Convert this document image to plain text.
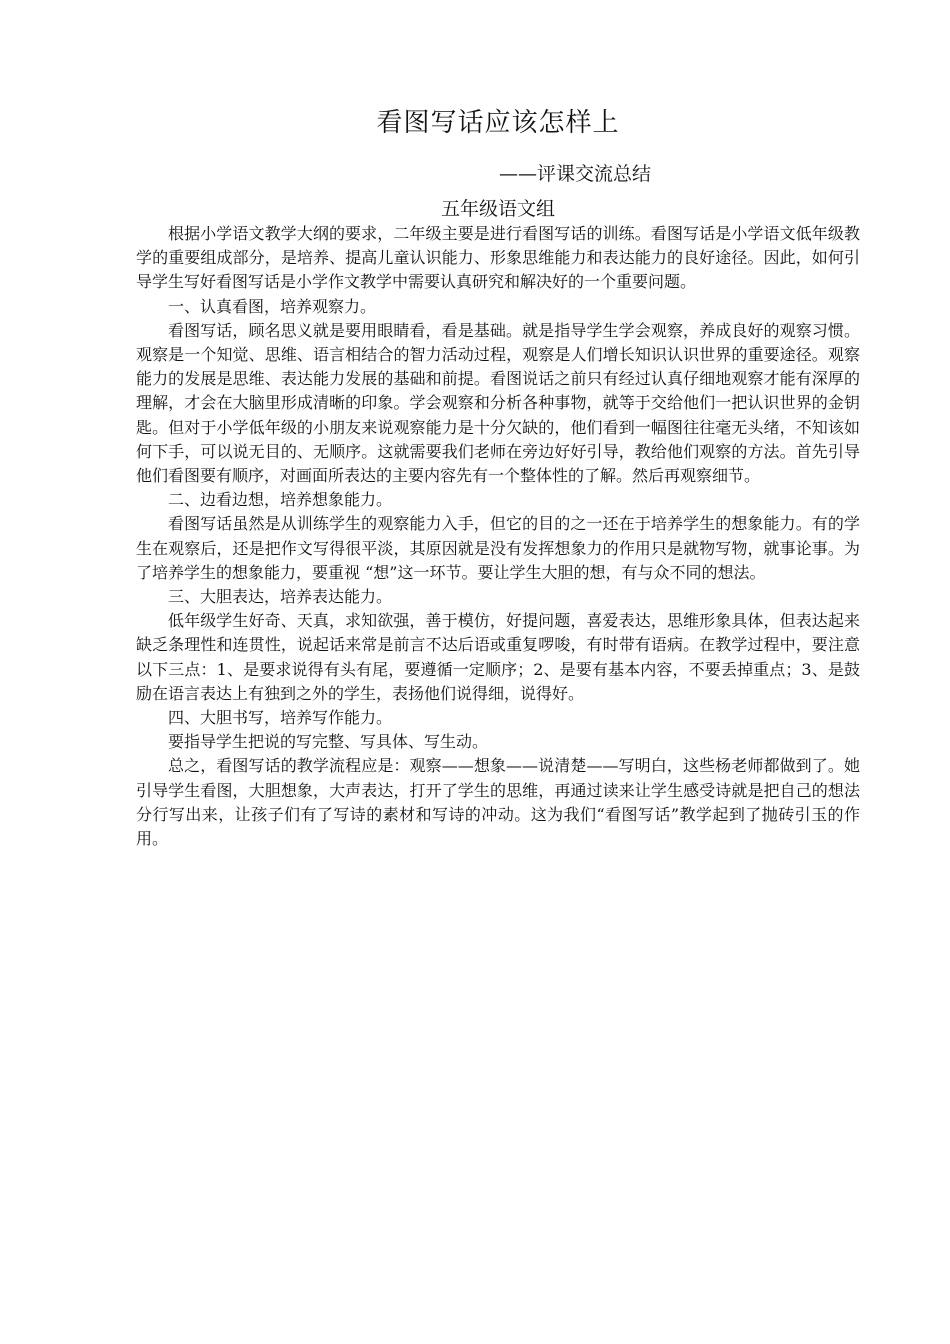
看图写话应该怎样上
——评课交流总结
五年级语文组

根据小学语文教学大纲的要求，二年级主要是进行看图写话的训练。看图写话是小学语文低年级教学的重要组成部分，是培养、提高儿童认识能力、形象思维能力和表达能力的良好途径。因此，如何引导学生写好看图写话是小学作文教学中需要认真研究和解决好的一个重要问题。

一、认真看图，培养观察力。

看图写话，顾名思义就是要用眼睛看，看是基础。就是指导学生学会观察，养成良好的观察习惯。观察是一个知觉、思维、语言相结合的智力活动过程，观察是人们增长知识认识世界的重要途径。观察能力的发展是思维、表达能力发展的基础和前提。看图说话之前只有经过认真仔细地观察才能有深厚的理解，才会在大脑里形成清晰的印象。学会观察和分析各种事物，就等于交给他们一把认识世界的金钥匙。但对于小学低年级的小朋友来说观察能力是十分欠缺的，他们看到一幅图往往毫无头绪，不知该如何下手，可以说无目的、无顺序。这就需要我们老师在旁边好好引导，教给他们观察的方法。首先引导他们看图要有顺序，对画面所表达的主要内容先有一个整体性的了解。然后再观察细节。

二、边看边想，培养想象能力。

看图写话虽然是从训练学生的观察能力入手，但它的目的之一还在于培养学生的想象能力。有的学生在观察后，还是把作文写得很平淡，其原因就是没有发挥想象力的作用只是就物写物，就事论事。为了培养学生的想象能力，要重视 “想”这一环节。要让学生大胆的想，有与众不同的想法。

三、大胆表达，培养表达能力。

低年级学生好奇、天真，求知欲强，善于模仿，好提问题，喜爱表达，思维形象具体，但表达起来缺乏条理性和连贯性，说起话来常是前言不达后语或重复啰唆，有时带有语病。在教学过程中，要注意以下三点：1、是要求说得有头有尾，要遵循一定顺序；2、是要有基本内容，不要丢掉重点；3、是鼓励在语言表达上有独到之外的学生，表扬他们说得细，说得好。

四、大胆书写，培养写作能力。

要指导学生把说的写完整、写具体、写生动。

总之，看图写话的教学流程应是：观察——想象——说清楚——写明白，这些杨老师都做到了。她引导学生看图，大胆想象，大声表达，打开了学生的思维，再通过读来让学生感受诗就是把自己的想法分行写出来，让孩子们有了写诗的素材和写诗的冲动。这为我们“看图写话”教学起到了抛砖引玉的作用。
